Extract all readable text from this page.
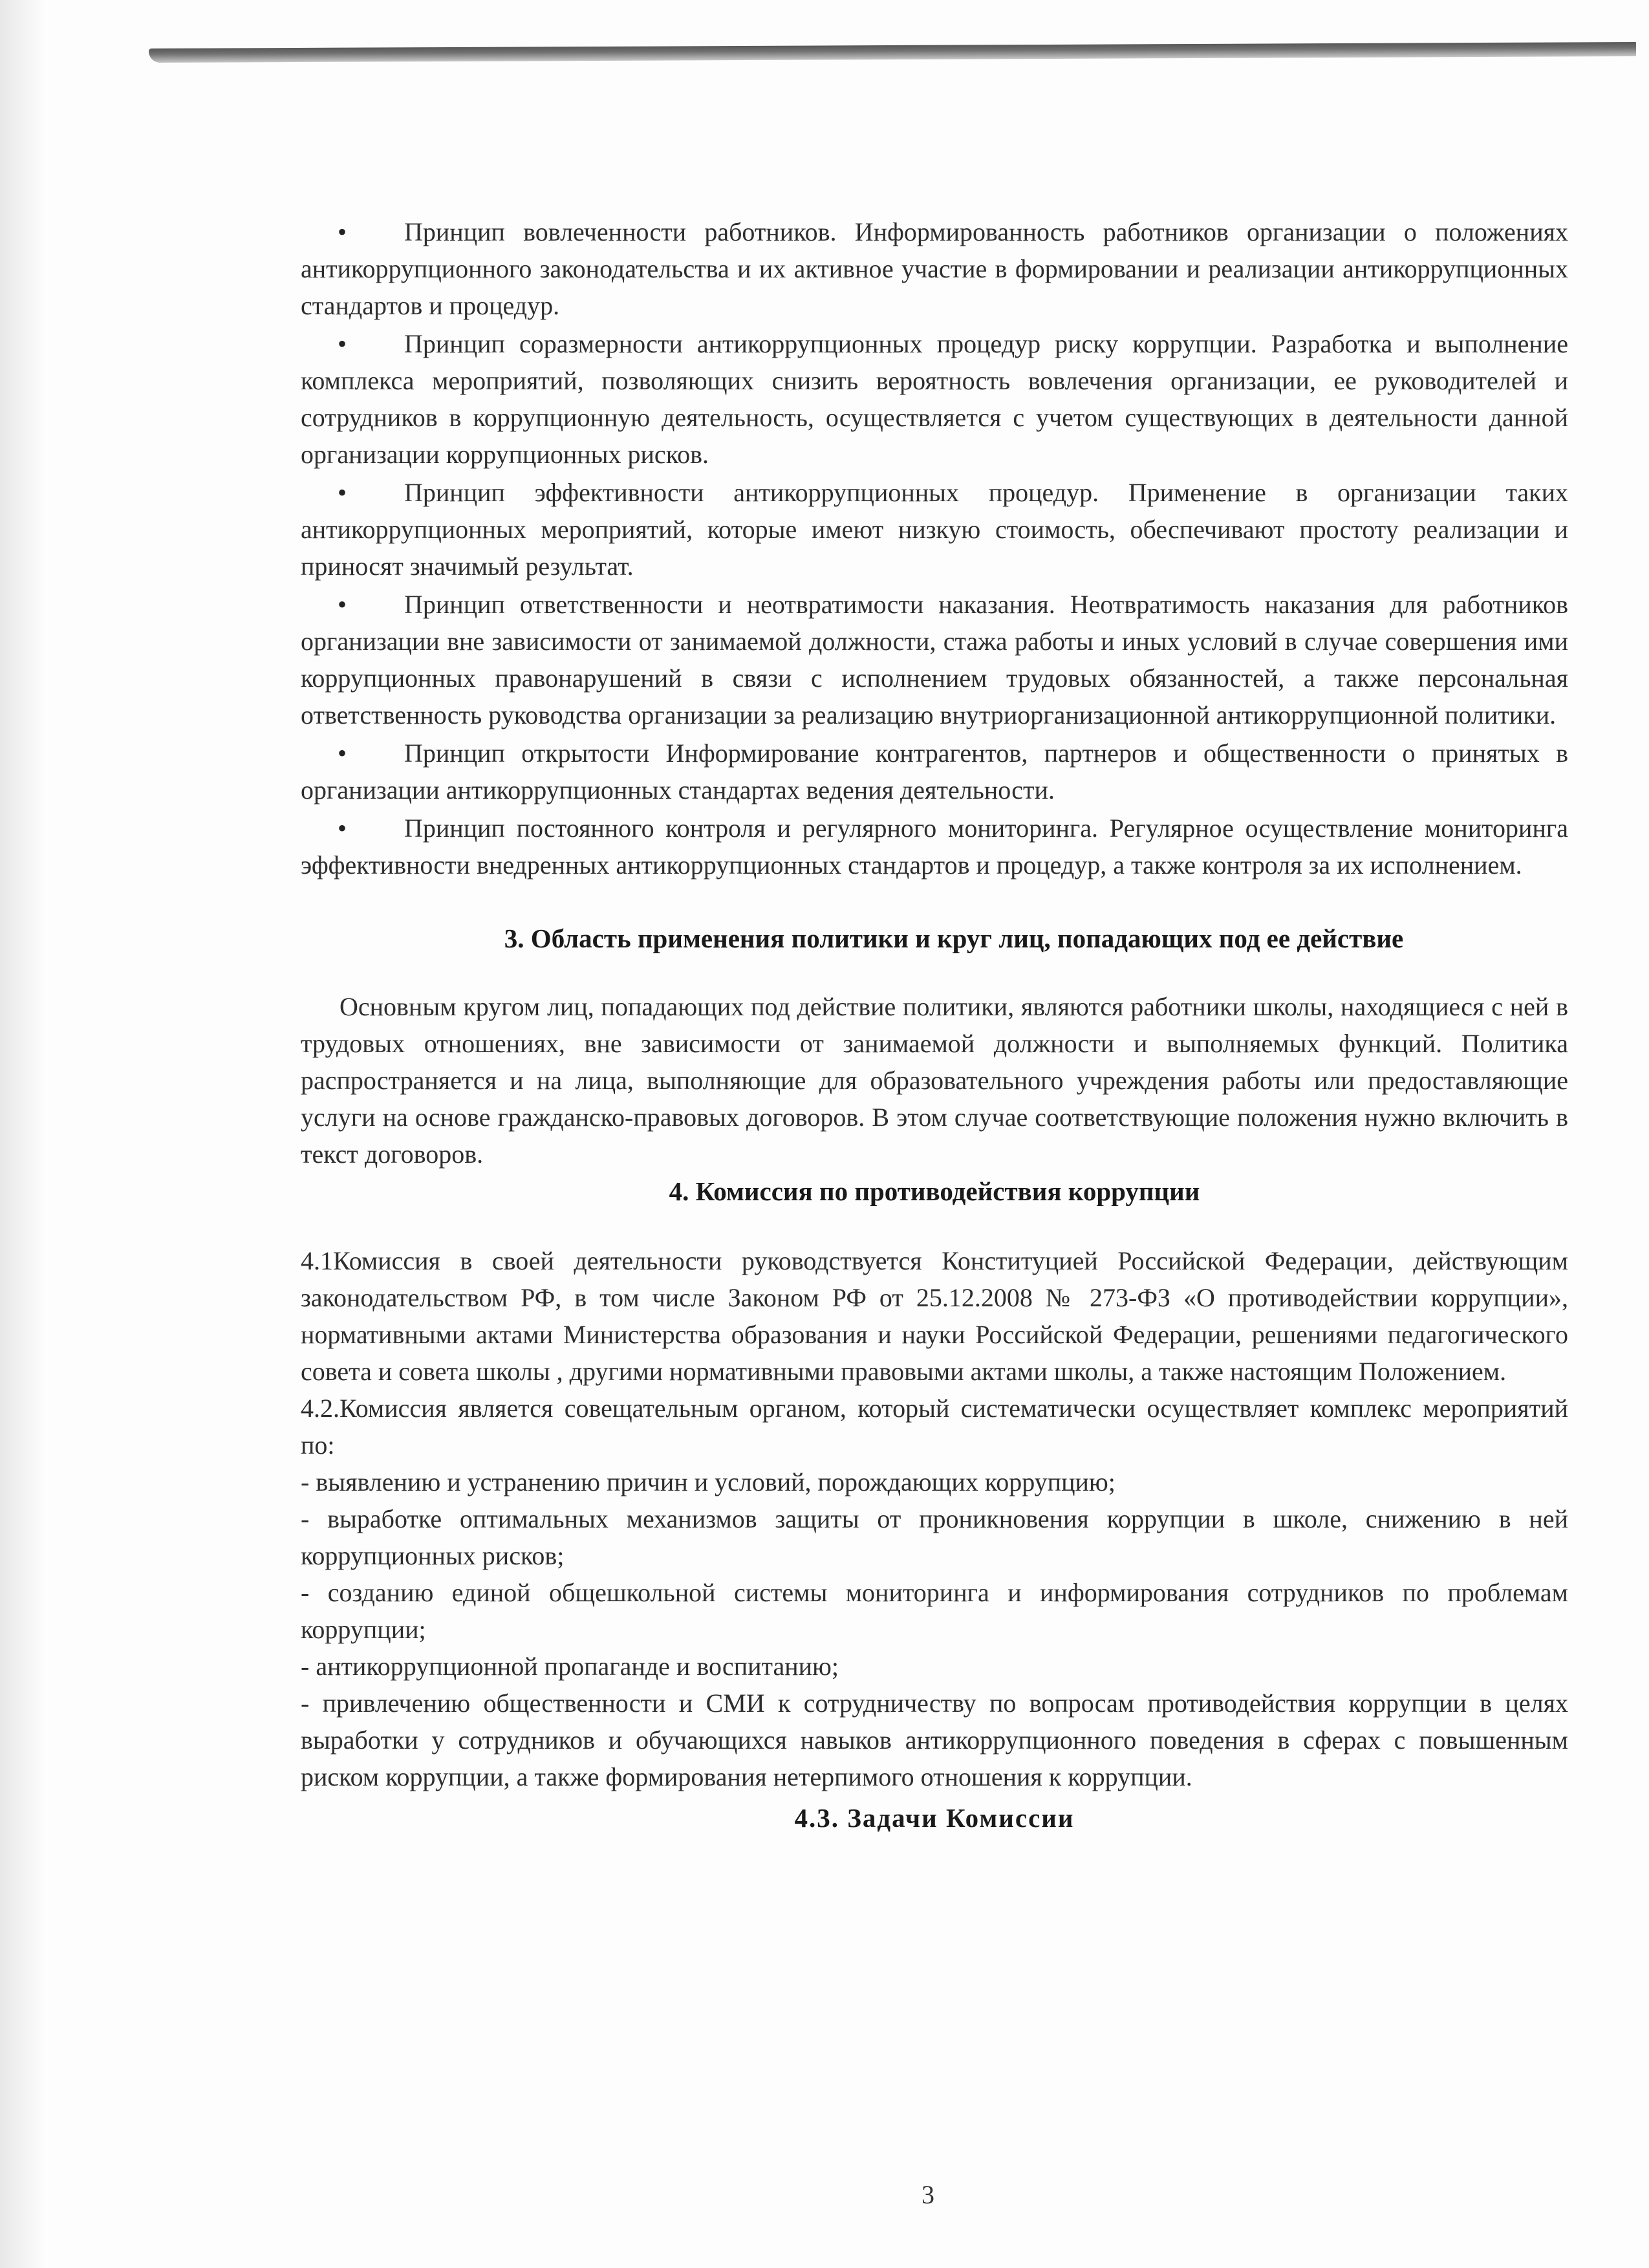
• Принцип вовлеченности работников. Информированность работников организации о положениях антикоррупционного законодательства и их активное участие в формировании и реализации антикоррупционных стандартов и процедур.

• Принцип соразмерности антикоррупционных процедур риску коррупции. Разработка и выполнение комплекса мероприятий, позволяющих снизить вероятность вовлечения организации, ее руководителей и сотрудников в коррупционную деятельность, осуществляется с учетом существующих в деятельности данной организации коррупционных рисков.

• Принцип эффективности антикоррупционных процедур. Применение в организации таких антикоррупционных мероприятий, которые имеют низкую стоимость, обеспечивают простоту реализации и приносят значимый результат.

• Принцип ответственности и неотвратимости наказания. Неотвратимость наказания для работников организации вне зависимости от занимаемой должности, стажа работы и иных условий в случае совершения ими коррупционных правонарушений в связи с исполнением трудовых обязанностей, а также персональная ответственность руководства организации за реализацию внутриорганизационной антикоррупционной политики.

• Принцип открытости Информирование контрагентов, партнеров и общественности о принятых в организации антикоррупционных стандартах ведения деятельности.

• Принцип постоянного контроля и регулярного мониторинга. Регулярное осуществление мониторинга эффективности внедренных антикоррупционных стандартов и процедур, а также контроля за их исполнением.

3. Область применения политики и круг лиц, попадающих под ее действие

Основным кругом лиц, попадающих под действие политики, являются работники школы, находящиеся с ней в трудовых отношениях, вне зависимости от занимаемой должности и выполняемых функций. Политика распространяется и на лица, выполняющие для образовательного учреждения работы или предоставляющие услуги на основе гражданско-правовых договоров. В этом случае соответствующие положения нужно включить в текст договоров.

4. Комиссия по противодействия коррупции

4.1Комиссия в своей деятельности руководствуется Конституцией Российской Федерации, действующим законодательством РФ, в том числе Законом РФ от 25.12.2008 № 273-ФЗ «О противодействии коррупции», нормативными актами Министерства образования и науки Российской Федерации, решениями педагогического совета и совета школы , другими нормативными правовыми актами школы, а также настоящим Положением.

4.2.Комиссия является совещательным органом, который систематически осуществляет комплекс мероприятий по:

- выявлению и устранению причин и условий, порождающих коррупцию;

- выработке оптимальных механизмов защиты от проникновения коррупции в школе, снижению в ней коррупционных рисков;

- созданию единой общешкольной системы мониторинга и информирования сотрудников по проблемам коррупции;

- антикоррупционной пропаганде и воспитанию;

- привлечению общественности и СМИ к сотрудничеству по вопросам противодействия коррупции в целях выработки у сотрудников и обучающихся навыков антикоррупционного поведения в сферах с повышенным риском коррупции, а также формирования нетерпимого отношения к коррупции.

4.3. Задачи Комиссии
3
